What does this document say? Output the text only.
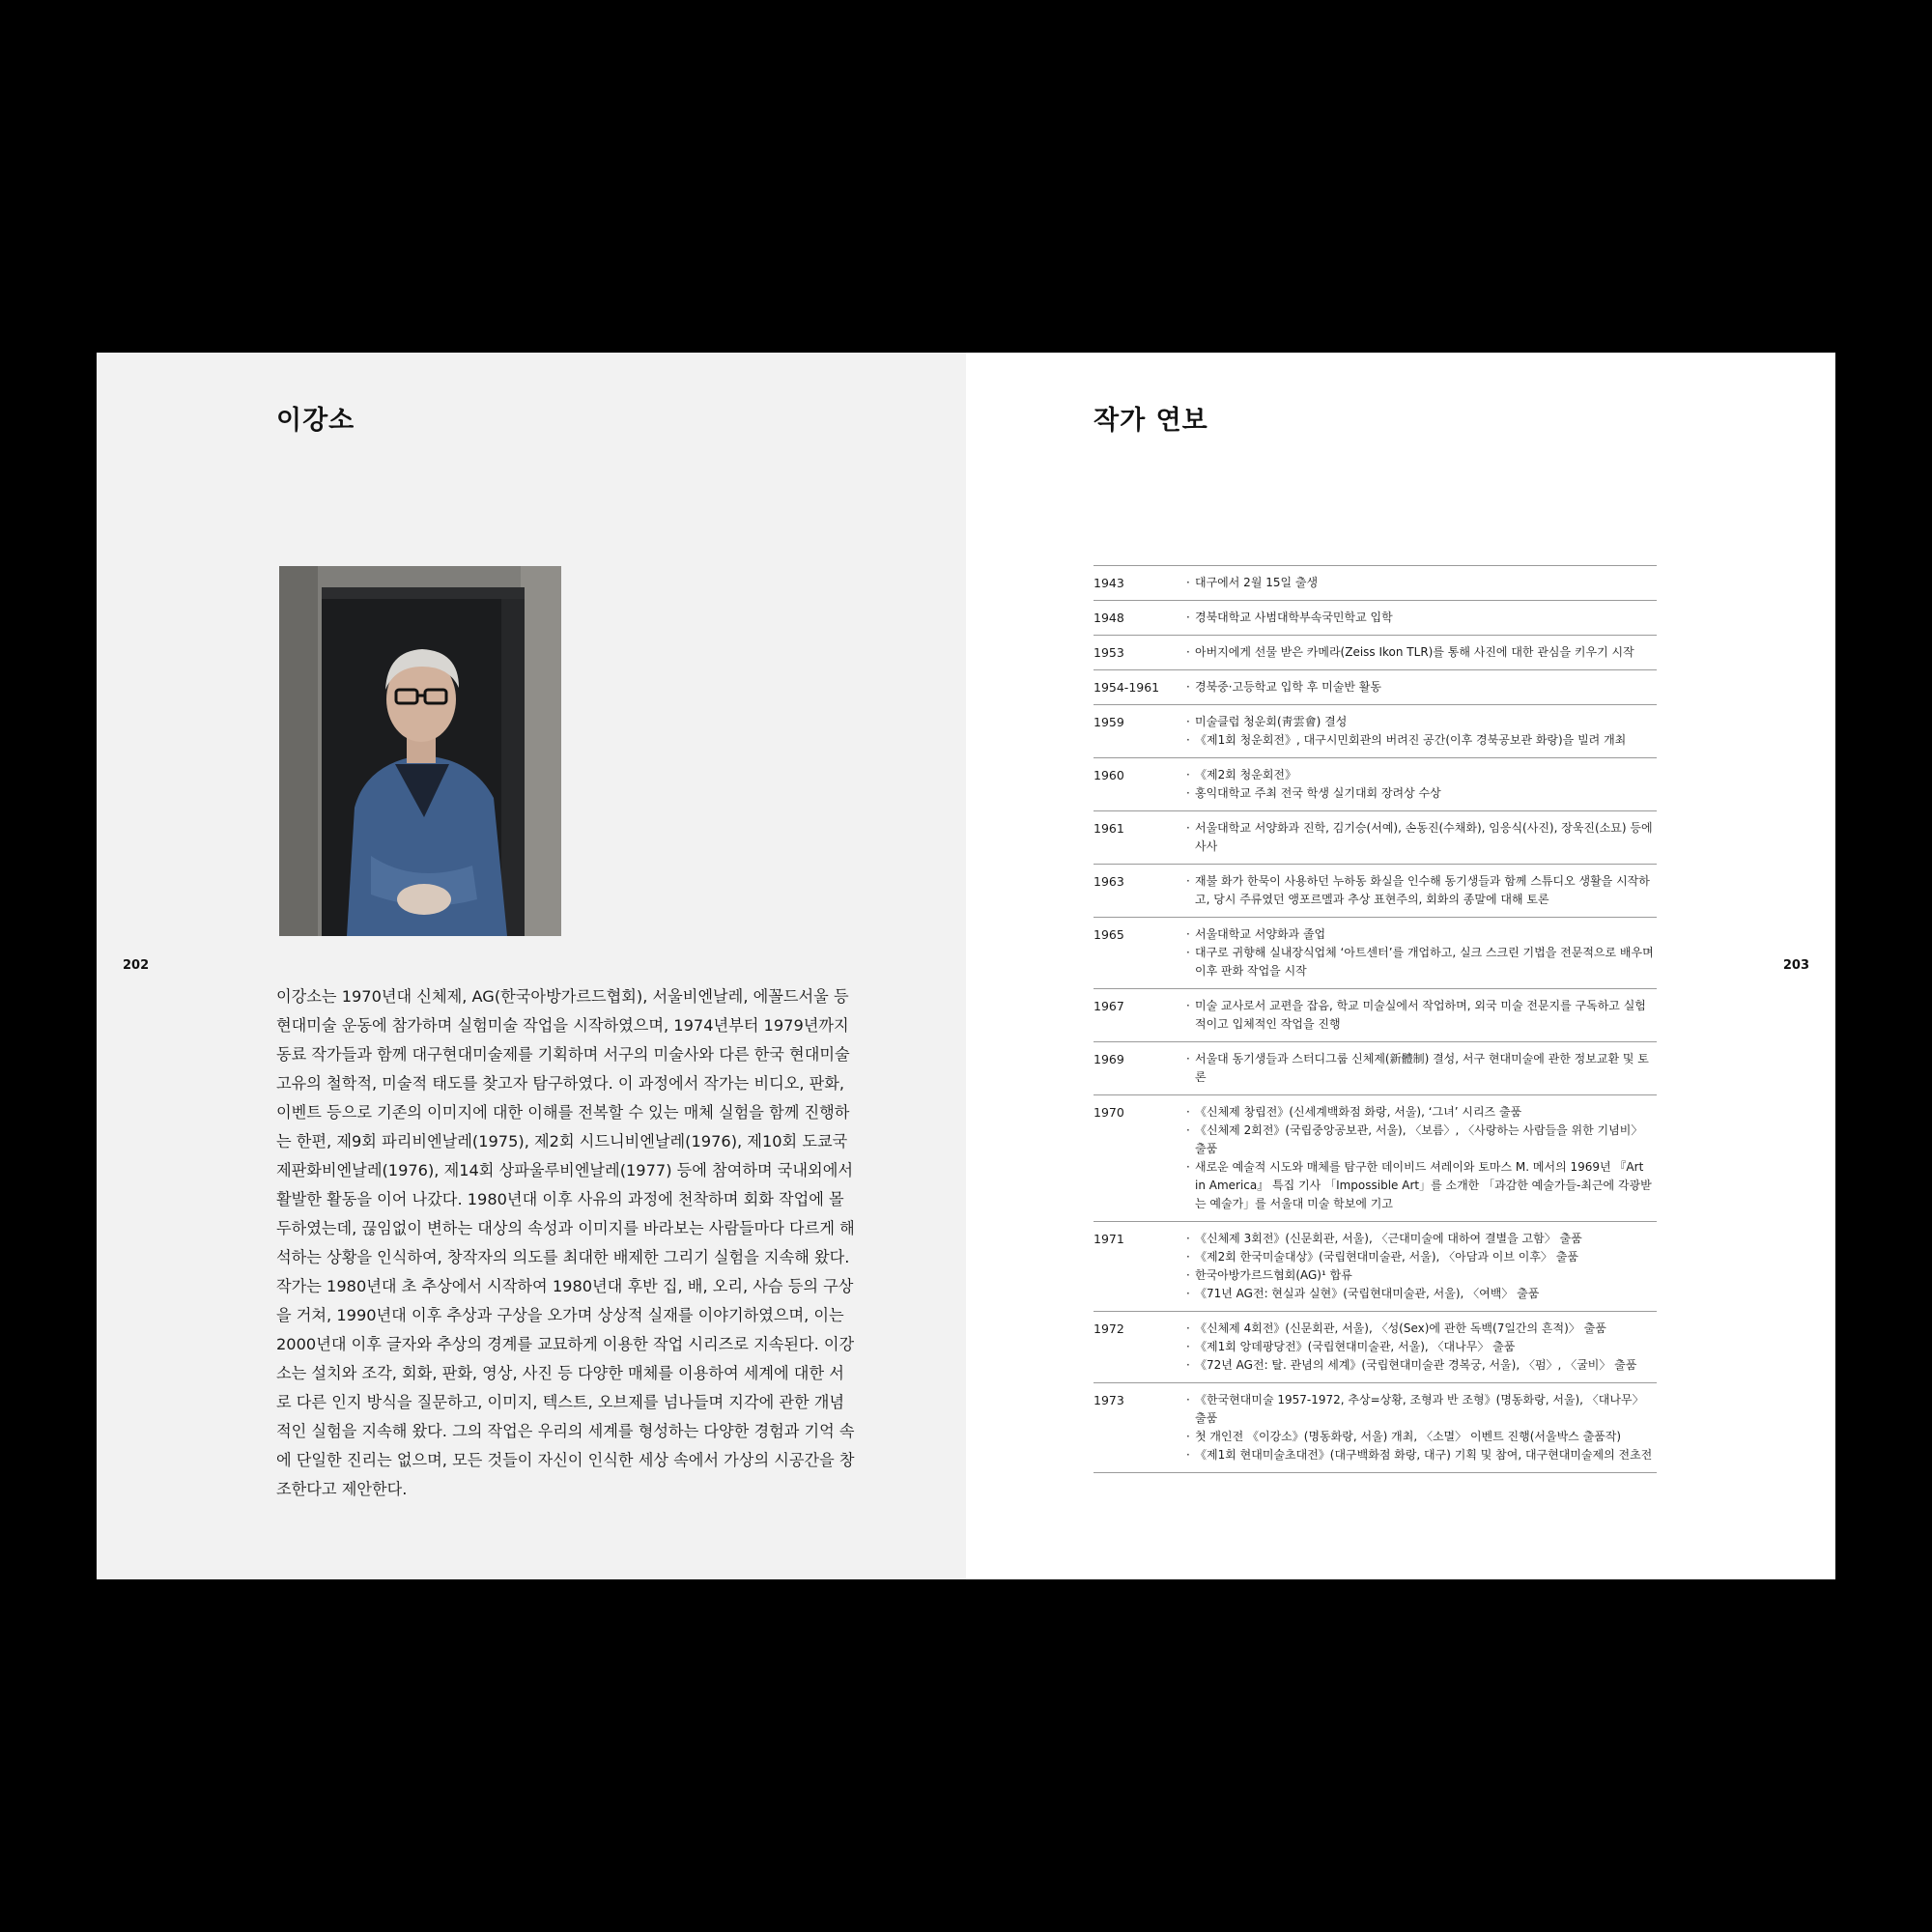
이강소
202

이강소는 1970년대 신체제, AG(한국아방가르드협회), 서울비엔날레, 에꼴드서울 등 현대미술 운동에 참가하며 실험미술 작업을 시작하였으며, 1974년부터 1979년까지 동료 작가들과 함께 대구현대미술제를 기획하며 서구의 미술사와 다른 한국 현대미술 고유의 철학적, 미술적 태도를 찾고자 탐구하였다. 이 과정에서 작가는 비디오, 판화, 이벤트 등으로 기존의 이미지에 대한 이해를 전복할 수 있는 매체 실험을 함께 진행하는 한편, 제9회 파리비엔날레(1975), 제2회 시드니비엔날레(1976), 제10회 도쿄국제판화비엔날레(1976), 제14회 상파울루비엔날레(1977) 등에 참여하며 국내외에서 활발한 활동을 이어 나갔다. 1980년대 이후 사유의 과정에 천착하며 회화 작업에 몰두하였는데, 끊임없이 변하는 대상의 속성과 이미지를 바라보는 사람들마다 다르게 해석하는 상황을 인식하여, 창작자의 의도를 최대한 배제한 그리기 실험을 지속해 왔다. 작가는 1980년대 초 추상에서 시작하여 1980년대 후반 집, 배, 오리, 사슴 등의 구상을 거쳐, 1990년대 이후 추상과 구상을 오가며 상상적 실재를 이야기하였으며, 이는 2000년대 이후 글자와 추상의 경계를 교묘하게 이용한 작업 시리즈로 지속된다. 이강소는 설치와 조각, 회화, 판화, 영상, 사진 등 다양한 매체를 이용하여 세계에 대한 서로 다른 인지 방식을 질문하고, 이미지, 텍스트, 오브제를 넘나들며 지각에 관한 개념적인 실험을 지속해 왔다. 그의 작업은 우리의 세계를 형성하는 다양한 경험과 기억 속에 단일한 진리는 없으며, 모든 것들이 자신이 인식한 세상 속에서 가상의 시공간을 창조한다고 제안한다.

작가 연보
1943	· 대구에서 2월 15일 출생
1948	· 경북대학교 사범대학부속국민학교 입학
1953	· 아버지에게 선물 받은 카메라(Zeiss Ikon TLR)를 통해 사진에 대한 관심을 키우기 시작
1954-1961	· 경북중·고등학교 입학 후 미술반 활동
1959	· 미술클럽 청운회(靑雲會) 결성
· 《제1회 청운회전》, 대구시민회관의 버려진 공간(이후 경북공보관 화랑)을 빌려 개최
1960	· 《제2회 청운회전》
· 홍익대학교 주최 전국 학생 실기대회 장려상 수상
1961	· 서울대학교 서양화과 진학, 김기승(서예), 손동진(수채화), 임응식(사진), 장욱진(소묘) 등에 사사
1963	· 재불 화가 한묵이 사용하던 누하동 화실을 인수해 동기생들과 함께 스튜디오 생활을 시작하고, 당시 주류였던 앵포르멜과 추상 표현주의, 회화의 종말에 대해 토론
1965	· 서울대학교 서양화과 졸업
· 대구로 귀향해 실내장식업체 ‘아트센터’를 개업하고, 실크 스크린 기법을 전문적으로 배우며 이후 판화 작업을 시작
1967	· 미술 교사로서 교편을 잡음, 학교 미술실에서 작업하며, 외국 미술 전문지를 구독하고 실험적이고 입체적인 작업을 진행
1969	· 서울대 동기생들과 스터디그룹 신체제(新體制) 결성, 서구 현대미술에 관한 정보교환 및 토론
1970	· 《신체제 창립전》(신세계백화점 화랑, 서울), ‘그녀’ 시리즈 출품
· 《신체제 2회전》(국립중앙공보관, 서울), 〈보름〉, 〈사랑하는 사람들을 위한 기념비〉 출품
· 새로운 예술적 시도와 매체를 탐구한 데이비드 셔레이와 토마스 M. 메서의 1969년 『Art in America』 특집 기사 「Impossible Art」를 소개한 「과감한 예술가들-최근에 각광받는 예술가」를 서울대 미술 학보에 기고
1971	· 《신체제 3회전》(신문회관, 서울), 〈근대미술에 대하여 결별을 고함〉 출품
· 《제2회 한국미술대상》(국립현대미술관, 서울), 〈아담과 이브 이후〉 출품
· 한국아방가르드협회(AG)¹ 합류
· 《71년 AG전: 현실과 실현》(국립현대미술관, 서울), 〈여백〉 출품
1972	· 《신체제 4회전》(신문회관, 서울), 〈성(Sex)에 관한 독백(7일간의 흔적)〉 출품
· 《제1회 앙데팡당전》(국립현대미술관, 서울), 〈대나무〉 출품
· 《72년 AG전: 탈. 관념의 세계》(국립현대미술관 경복궁, 서울), 〈펌〉, 〈굴비〉 출품
1973	· 《한국현대미술 1957-1972, 추상=상황, 조형과 반 조형》(명동화랑, 서울), 〈대나무〉 출품
· 첫 개인전 《이강소》(명동화랑, 서울) 개최, 〈소멸〉 이벤트 진행(서울박스 출품작)
· 《제1회 현대미술초대전》(대구백화점 화랑, 대구) 기획 및 참여, 대구현대미술제의 전초전
203
